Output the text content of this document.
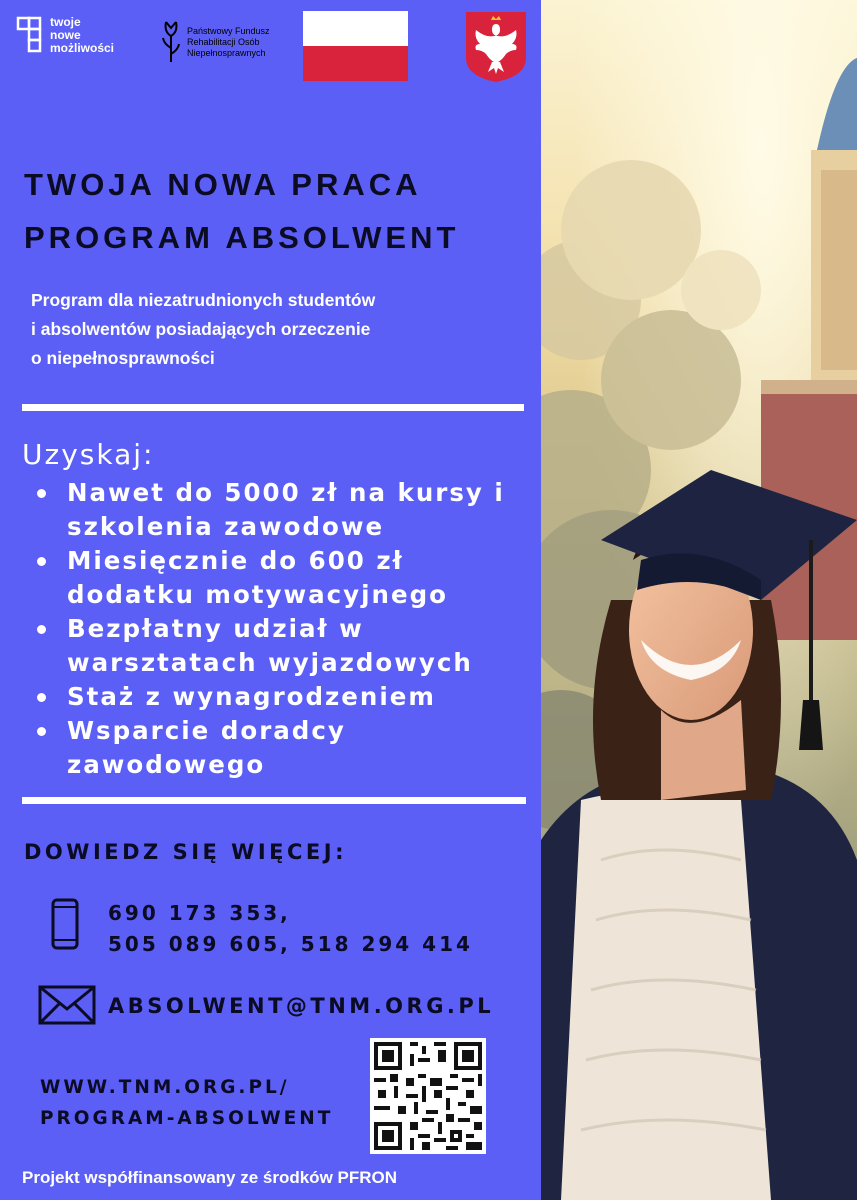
twoje
nowe
możliwości
Państwowy Fundusz
Rehabilitacji Osób
Niepełnosprawnych
TWOJA NOWA PRACA
PROGRAM ABSOLWENT
Program dla niezatrudnionych studentów
i absolwentów posiadających orzeczenie
o niepełnosprawności
Uzyskaj:
Nawet do 5000 zł na kursy i
szkolenia zawodowe
Miesięcznie do 600 zł
dodatku motywacyjnego
Bezpłatny udział w
warsztatach wyjazdowych
Staż z wynagrodzeniem
Wsparcie doradcy
zawodowego
DOWIEDZ SIĘ WIĘCEJ:
690 173 353,
505 089 605, 518 294 414
ABSOLWENT@TNM.ORG.PL
WWW.TNM.ORG.PL/
PROGRAM-ABSOLWENT
Projekt współfinansowany ze środków PFRON
